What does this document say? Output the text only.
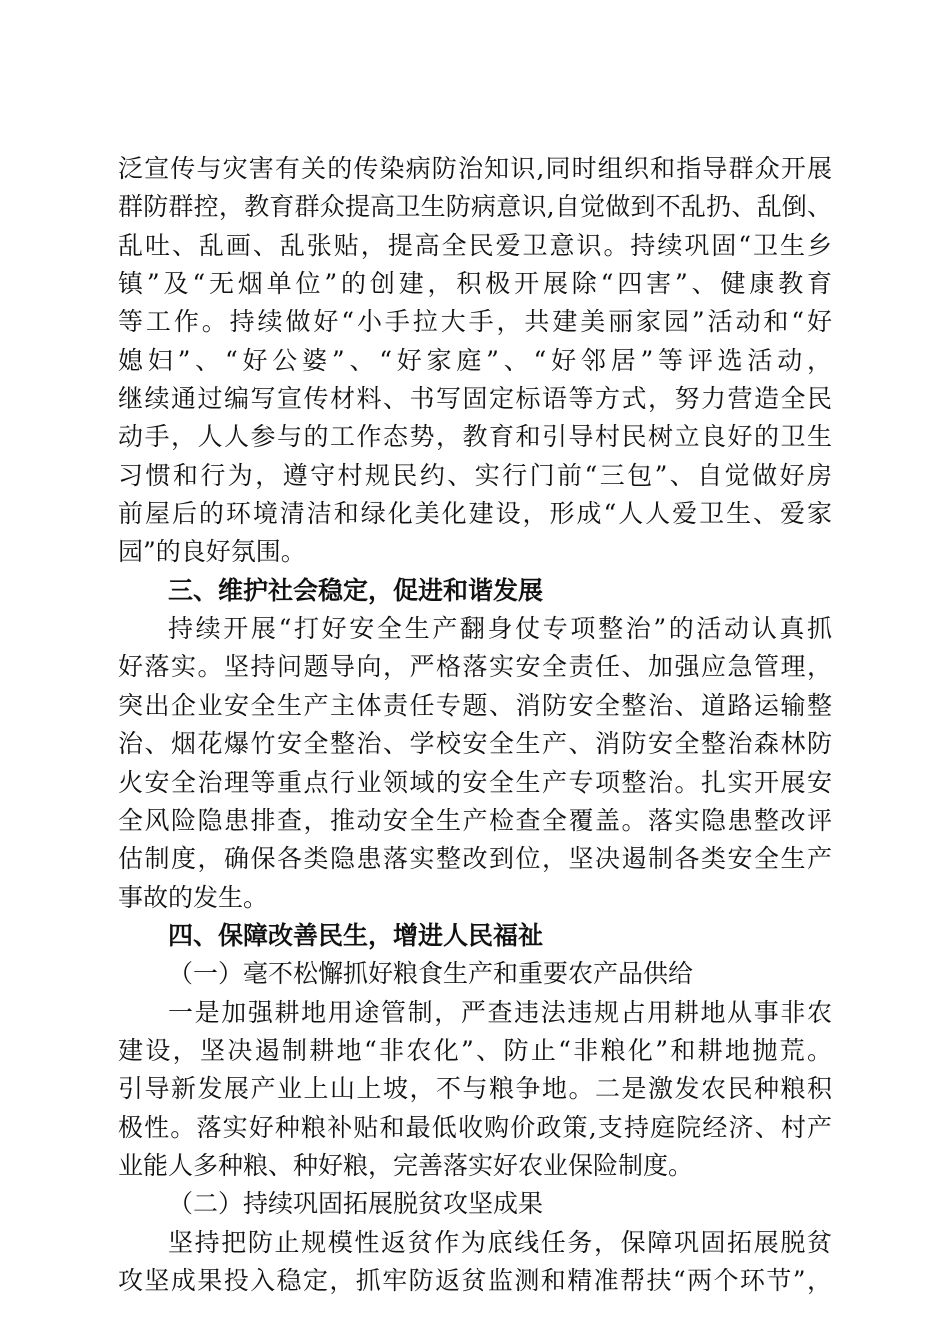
泛宣传与灾害有关的传染病防治知识,同时组织和指导群众开展
群防群控，教育群众提高卫生防病意识,自觉做到不乱扔、乱倒、
乱吐、乱画、乱张贴，提高全民爱卫意识。持续巩固“卫生乡
镇”及“无烟单位”的创建，积极开展除“四害”、健康教育
等工作。持续做好“小手拉大手，共建美丽家园”活动和“好
媳妇”、“好公婆”、“好家庭”、“好邻居”等评选活动，
继续通过编写宣传材料、书写固定标语等方式，努力营造全民
动手，人人参与的工作态势，教育和引导村民树立良好的卫生
习惯和行为，遵守村规民约、实行门前“三包”、自觉做好房
前屋后的环境清洁和绿化美化建设，形成“人人爱卫生、爱家
园”的良好氛围。
三、维护社会稳定，促进和谐发展
持续开展“打好安全生产翻身仗专项整治”的活动认真抓
好落实。坚持问题导向，严格落实安全责任、加强应急管理，
突出企业安全生产主体责任专题、消防安全整治、道路运输整
治、烟花爆竹安全整治、学校安全生产、消防安全整治森林防
火安全治理等重点行业领域的安全生产专项整治。扎实开展安
全风险隐患排查，推动安全生产检查全覆盖。落实隐患整改评
估制度，确保各类隐患落实整改到位，坚决遏制各类安全生产
事故的发生。
四、保障改善民生，增进人民福祉
（一）毫不松懈抓好粮食生产和重要农产品供给
一是加强耕地用途管制，严查违法违规占用耕地从事非农
建设，坚决遏制耕地“非农化”、防止“非粮化”和耕地抛荒。
引导新发展产业上山上坡，不与粮争地。二是激发农民种粮积
极性。落实好种粮补贴和最低收购价政策,支持庭院经济、村产
业能人多种粮、种好粮，完善落实好农业保险制度。
（二）持续巩固拓展脱贫攻坚成果
坚持把防止规模性返贫作为底线任务，保障巩固拓展脱贫
攻坚成果投入稳定，抓牢防返贫监测和精准帮扶“两个环节”，
